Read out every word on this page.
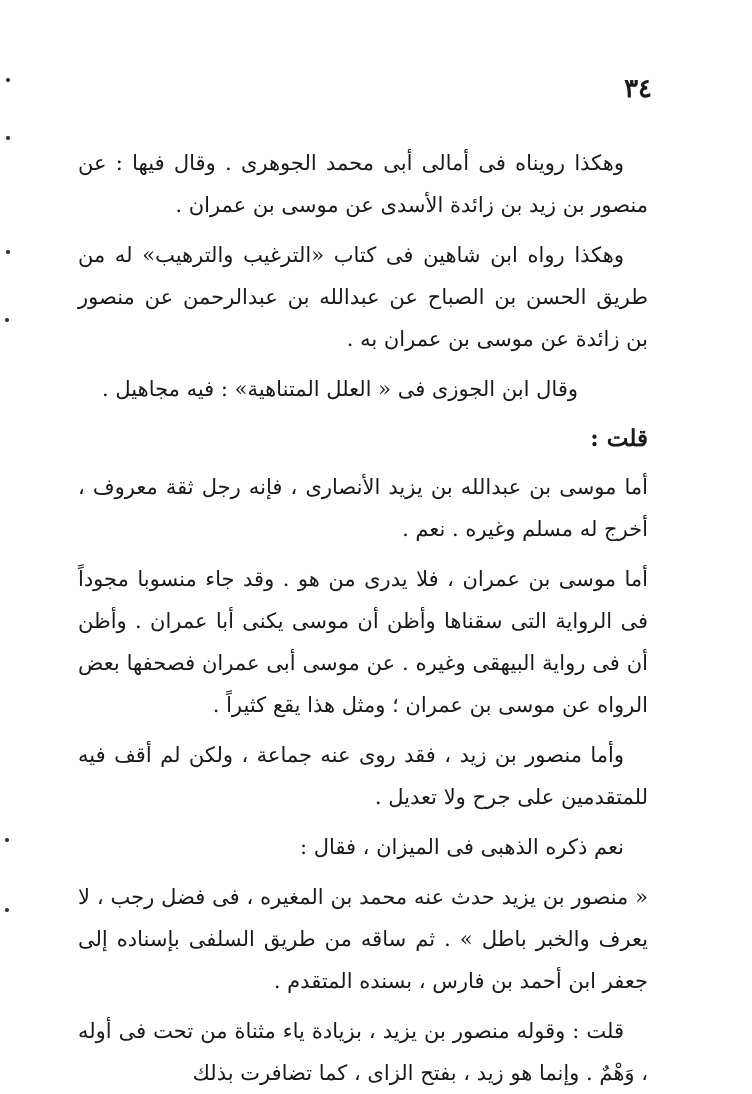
٣٤

وهكذا رويناه فى أمالى أبى محمد الجوهرى . وقال فيها : عن منصور بن زيد بن زائدة الأسدى عن موسى بن عمران .

وهكذا رواه ابن شاهين فى كتاب «الترغيب والترهيب» له من طريق الحسن بن الصباح عن عبدالله بن عبدالرحمن عن منصور بن زائدة عن موسى بن عمران به .

وقال ابن الجوزى فى « العلل المتناهية» : فيه مجاهيل .

قلت :

أما موسى بن عبدالله بن يزيد الأنصارى ، فإنه رجل ثقة معروف ، أخرج له مسلم وغيره . نعم .

أما موسى بن عمران ، فلا يدرى من هو . وقد جاء منسوبا مجوداً فى الرواية التى سقناها وأظن أن موسى يكنى أبا عمران . وأظن أن فى رواية البيهقى وغيره . عن موسى أبى عمران فصحفها بعض الرواه عن موسى بن عمران ؛ ومثل هذا يقع كثيراً .

وأما منصور بن زيد ، فقد روى عنه جماعة ، ولكن لم أقف فيه للمتقدمين على جرح ولا تعديل .

نعم ذكره الذهبى فى الميزان ، فقال :

« منصور بن يزيد حدث عنه محمد بن المغيره ، فى فضل رجب ، لا يعرف والخبر باطل » . ثم ساقه من طريق السلفى بإسناده إلى جعفر ابن أحمد بن فارس ، بسنده المتقدم .

قلت : وقوله منصور بن يزيد ، بزيادة ياء مثناة من تحت فى أوله ، وَهْمٌ . وإنما هو زيد ، بفتح الزاى ، كما تضافرت بذلك
